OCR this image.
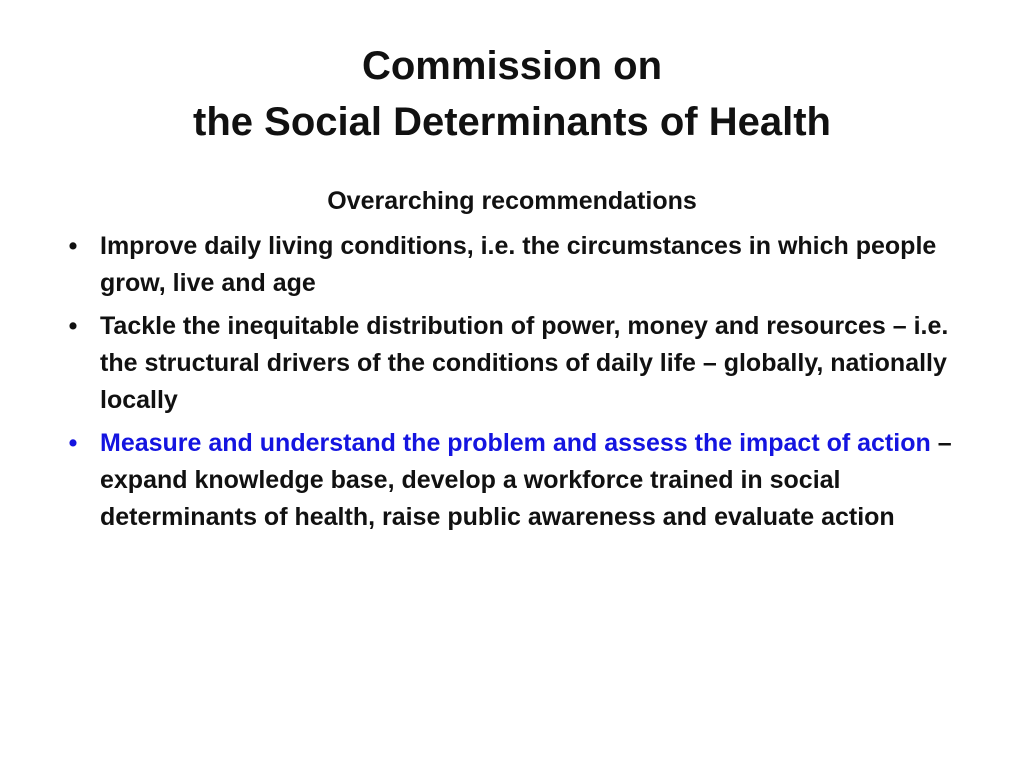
Commission on
the Social Determinants of Health

Overarching recommendations

• Improve daily living conditions, i.e. the circumstances in which people grow, live and age
• Tackle the inequitable distribution of power, money and resources – i.e. the structural drivers of the conditions of daily life – globally, nationally locally
• Measure and understand the problem and assess the impact of action – expand knowledge base, develop a workforce trained in social determinants of health, raise public awareness and evaluate action
